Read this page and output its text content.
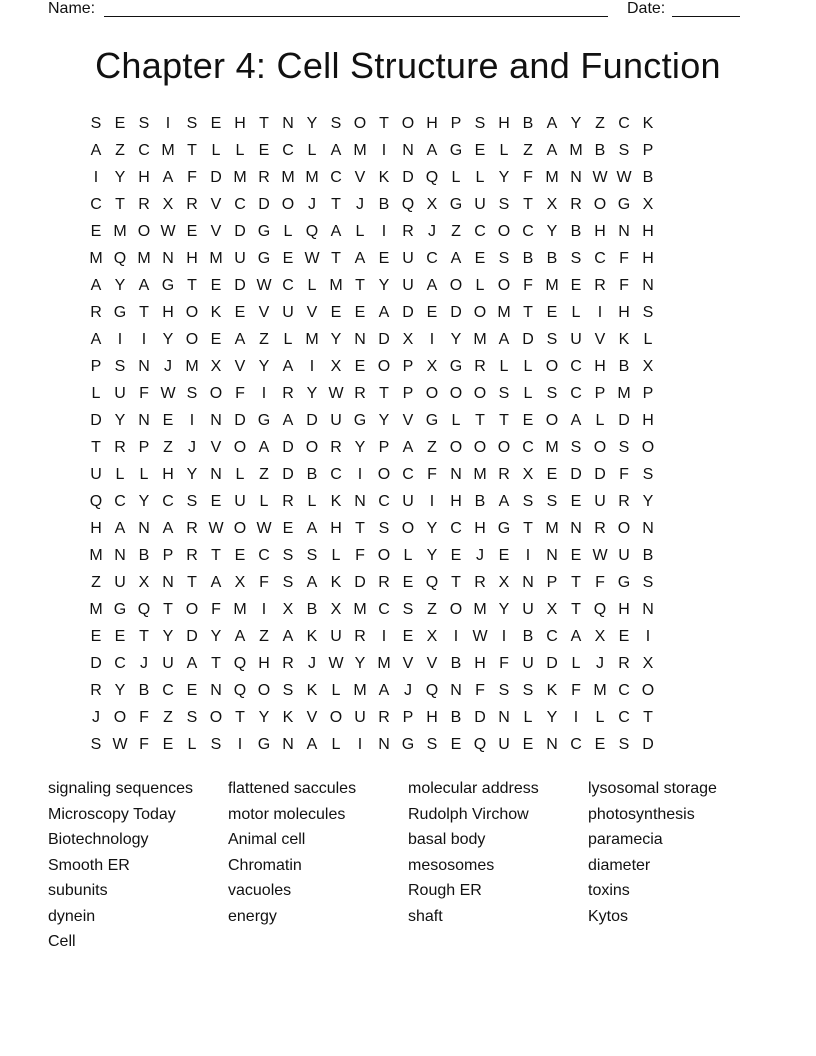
Name:	Date:
Chapter 4: Cell Structure and Function
S E S	I	S E H T N Y S O T O H P S H B A Y Z C K
A Z C M T L L E C L A M I	N A G E L Z A M B S P
I	Y H A F D M R M M C V K D Q L L Y F M N W W B
C T R X R V C D O J T J B Q X G U S T X R O G X
E M O W E V D G L Q A L	I	R J Z C O C Y B H N H
M Q M N H M U G E W T A E U C A E S B B S C F H
A Y A G T E D W C L M T Y U A O L O F M E R F N
R G T H O K E V U V E E A D E D O M T E L	I	H S
A	I	I	Y O E A Z L M Y N D X	I	Y M A D S U V K L
P S N J M X V Y A	I	X E O P X G R L L O C H B X
L U F W S O F	I	R Y W R T P O O O S L S C P M P
D Y N E	I	N D G A D U G Y V G L T T E O A L D H
T R P Z J V O A D O R Y P A Z O O O C M S O S O
U L L H Y N L Z D B C I O C F N M R X E D D F S
Q C Y C S E U L R L K N C U I	H B A S S E U R Y
H A N A R W O W E A H T S O Y C H G T M N R O N
M N B P R T E C S S L F O L Y E J E	I	N E W U B
Z U X N T A X F S A K D R E Q T R X N P T F G S
M G Q T O F M I	X B X M C S Z O M Y U X T Q H N
E E T Y D Y A Z A K U R I	E X	I W I	B C A X E	I
D C J U A T Q H R J W Y M V V B H F U D L J R X
R Y B C E N Q O S K L M A J Q N F S S K F M C O
J O F Z S O T Y K V O U R P H B D N L Y	I	L C T
S W F E L S	I G N A L	I	N G S E Q U E N C E S D
signaling sequences	flattened saccules	molecular address	lysosomal storage
Microscopy Today	motor molecules	Rudolph Virchow	photosynthesis
Biotechnology	Animal cell	basal body	paramecia
Smooth ER	Chromatin	mesosomes	diameter
subunits	vacuoles	Rough ER	toxins
dynein	energy	shaft	Kytos
Cell
